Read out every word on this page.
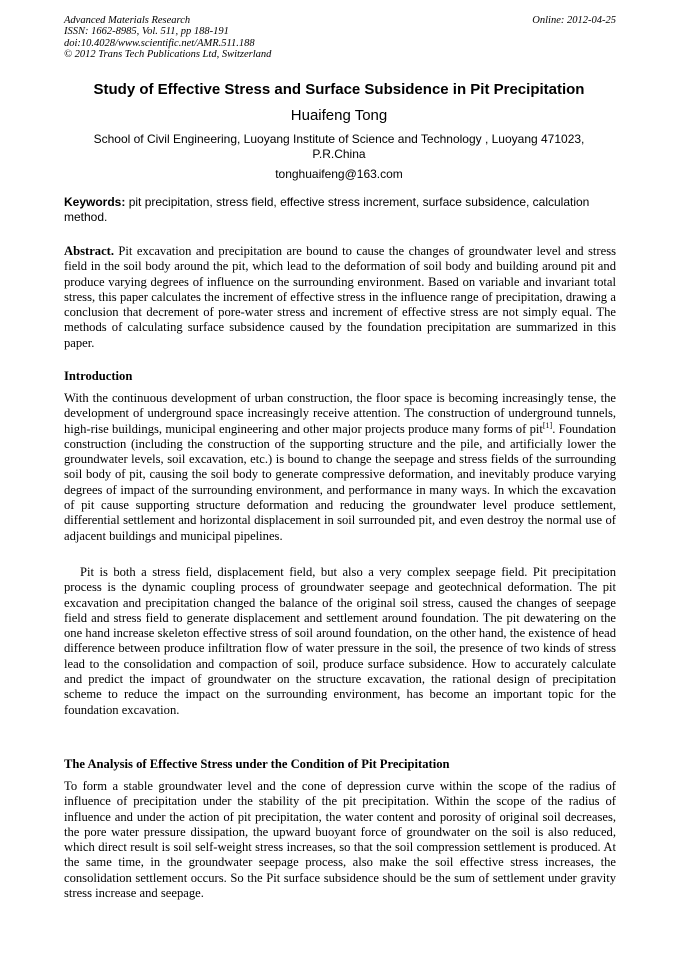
Advanced Materials Research
ISSN: 1662-8985, Vol. 511, pp 188-191
doi:10.4028/www.scientific.net/AMR.511.188
© 2012 Trans Tech Publications Ltd, Switzerland
Online: 2012-04-25
Study of Effective Stress and Surface Subsidence in Pit Precipitation
Huaifeng Tong
School of Civil Engineering, Luoyang Institute of Science and Technology , Luoyang 471023, P.R.China
tonghuaifeng@163.com
Keywords: pit precipitation, stress field, effective stress increment, surface subsidence, calculation method.
Abstract. Pit excavation and precipitation are bound to cause the changes of groundwater level and stress field in the soil body around the pit, which lead to the deformation of soil body and building around pit and produce varying degrees of influence on the surrounding environment. Based on variable and invariant total stress, this paper calculates the increment of effective stress in the influence range of precipitation, drawing a conclusion that decrement of pore-water stress and increment of effective stress are not simply equal. The methods of calculating surface subsidence caused by the foundation precipitation are summarized in this paper.
Introduction
With the continuous development of urban construction, the floor space is becoming increasingly tense, the development of underground space increasingly receive attention. The construction of underground tunnels, high-rise buildings, municipal engineering and other major projects produce many forms of pit[1]. Foundation construction (including the construction of the supporting structure and the pile, and artificially lower the groundwater levels, soil excavation, etc.) is bound to change the seepage and stress fields of the surrounding soil body of pit, causing the soil body to generate compressive deformation, and inevitably produce varying degrees of impact of the surrounding environment, and performance in many ways. In which the excavation of pit cause supporting structure deformation and reducing the groundwater level produce settlement, differential settlement and horizontal displacement in soil surrounded pit, and even destroy the normal use of adjacent buildings and municipal pipelines.
Pit is both a stress field, displacement field, but also a very complex seepage field. Pit precipitation process is the dynamic coupling process of groundwater seepage and geotechnical deformation. The pit excavation and precipitation changed the balance of the original soil stress, caused the changes of seepage field and stress field to generate displacement and settlement around foundation. The pit dewatering on the one hand increase skeleton effective stress of soil around foundation, on the other hand, the existence of head difference between produce infiltration flow of water pressure in the soil, the presence of two kinds of stress lead to the consolidation and compaction of soil, produce surface subsidence. How to accurately calculate and predict the impact of groundwater on the structure excavation, the rational design of precipitation scheme to reduce the impact on the surrounding environment, has become an important topic for the foundation excavation.
The Analysis of Effective Stress under the Condition of Pit Precipitation
To form a stable groundwater level and the cone of depression curve within the scope of the radius of influence of precipitation under the stability of the pit precipitation. Within the scope of the radius of influence and under the action of pit precipitation, the water content and porosity of original soil decreases, the pore water pressure dissipation, the upward buoyant force of groundwater on the soil is also reduced, which direct result is soil self-weight stress increases, so that the soil compression settlement is produced. At the same time, in the groundwater seepage process, also make the soil effective stress increases, the consolidation settlement occurs. So the Pit surface subsidence should be the sum of settlement under gravity stress increase and seepage.
